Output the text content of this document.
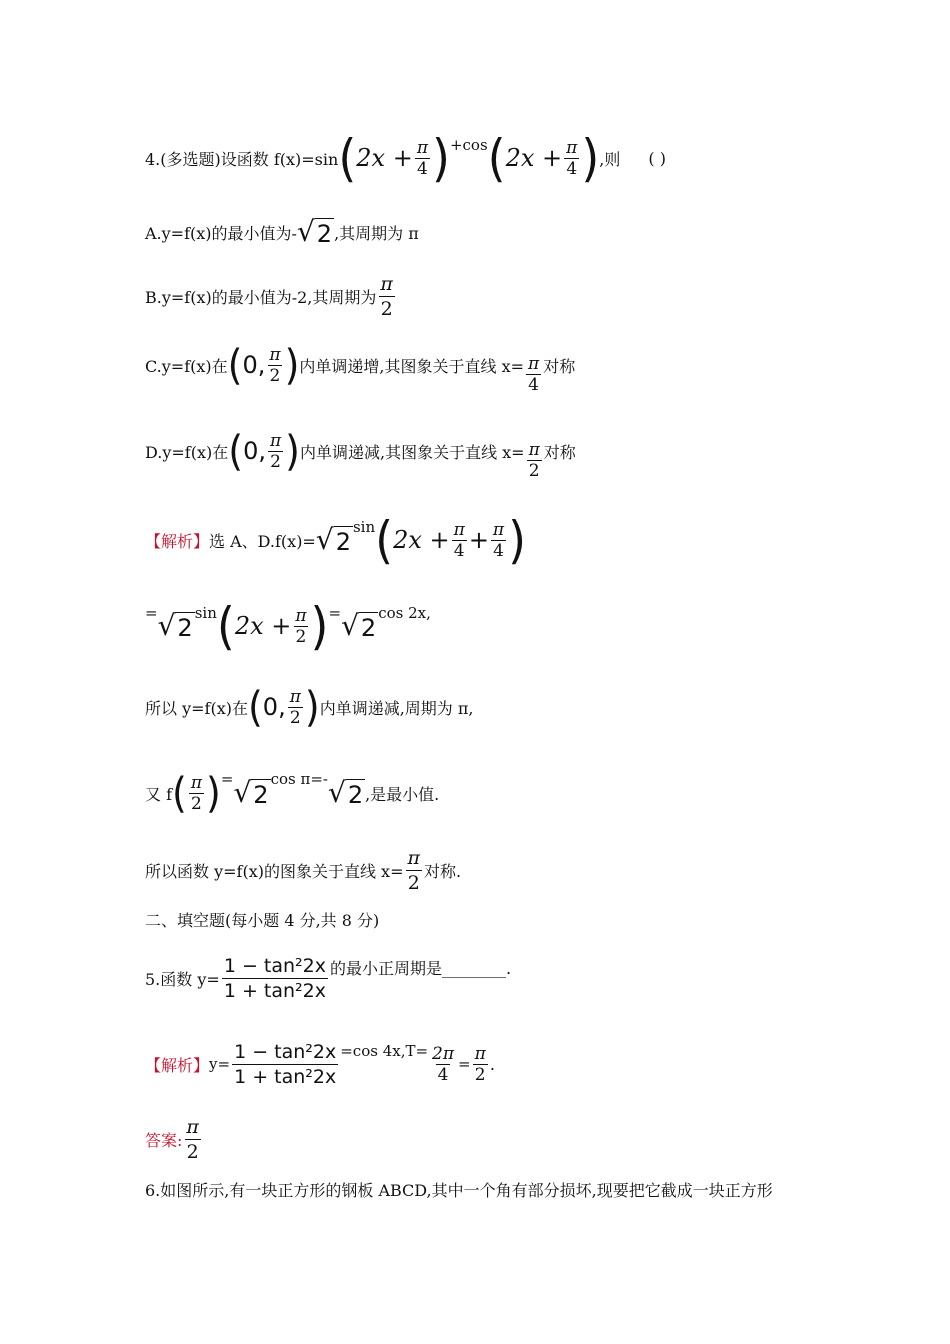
4.(多选题)设函数 f(x)=sin ( $2x + \frac{\pi}{4}$ ) +cos ( $2x + \frac{\pi}{4}$ ) ,则 ( )
A.y=f(x)的最小值为- √ 2 ,其周期为 π
B.y=f(x)的最小值为-2,其周期为 $\frac{\pi}{2}$
C.y=f(x)在 ( 0, $\frac{\pi}{2}$ ) 内单调递增,其图象关于直线 $x= \frac{\pi}{4}$ 对称
D.y=f(x)在 ( 0, $\frac{\pi}{2}$ ) 内单调递减,其图象关于直线 $x= \frac{\pi}{2}$ 对称
【解析】 选 A、D.f(x)= √ 2
sin ( $2x + \frac{\pi}{4} + \frac{\pi}{4}$ )
= √ 2
sin ( $2x + \frac{\pi}{2}$ ) = √ 2
cos 2x,
所以 y=f(x)在 ( 0, $\frac{\pi}{2}$ ) 内单调递减,周期为 π,
又 f ( $\frac{\pi}{2}$ ) = √ 2
cos π=- √ 2 ,是最小值.
所以函数 y=f(x)的图象关于直线 $x= \frac{\pi}{2}$ 对称.
二、填空题(每小题 4 分,共 8 分)
5.函数 $y= \frac{\text{1 − tan²2x}}{\text{1 + tan²2x}}$ 的最小正周期是________.
【解析】 $y= \frac{\text{1 − tan²2x}}{\text{1 + tan²2x}} =\cos$ $4x,T= \frac{2\pi}{4} = \frac{\pi}{2}$ .
答案: $\frac{\pi}{2}$
6.如图所示,有一块正方形的钢板 ABCD,其中一个角有部分损坏,现要把它截成一块正方形
